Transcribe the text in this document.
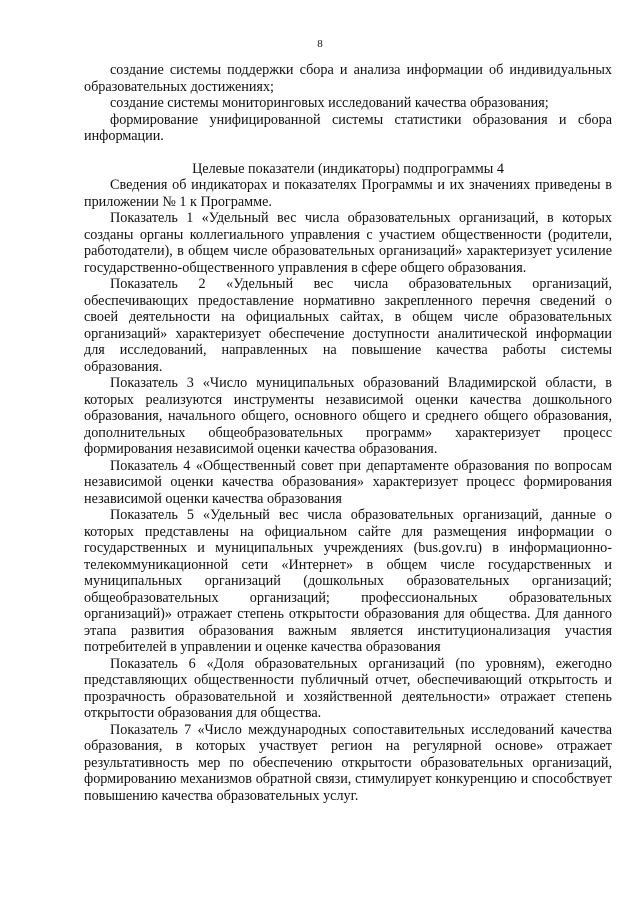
8

создание системы поддержки сбора и анализа информации об индивидуальных образовательных достижениях;

создание системы мониторинговых исследований качества образования;

формирование унифицированной системы статистики образования и сбора информации.

Целевые показатели (индикаторы) подпрограммы 4

Сведения об индикаторах и показателях Программы и их значениях приведены в приложении № 1 к Программе.

Показатель 1 «Удельный вес числа образовательных организаций, в которых созданы органы коллегиального управления с участием общественности (родители, работодатели), в общем числе образовательных организаций» характеризует усиление государственно-общественного управления в сфере общего образования.

Показатель 2 «Удельный вес числа образовательных организаций, обеспечивающих предоставление нормативно закрепленного перечня сведений о своей деятельности на официальных сайтах, в общем числе образовательных организаций» характеризует обеспечение доступности аналитической информации для исследований, направленных на повышение качества работы системы образования.

Показатель 3 «Число муниципальных образований Владимирской области, в которых реализуются инструменты независимой оценки качества дошкольного образования, начального общего, основного общего и среднего общего образования, дополнительных общеобразовательных программ» характеризует процесс формирования независимой оценки качества образования.

Показатель 4 «Общественный совет при департаменте образования по вопросам независимой оценки качества образования» характеризует процесс формирования независимой оценки качества образования

Показатель 5 «Удельный вес числа образовательных организаций, данные о которых представлены на официальном сайте для размещения информации о государственных и муниципальных учреждениях (bus.gov.ru) в информационно-телекоммуникационной сети «Интернет» в общем числе государственных и муниципальных организаций (дошкольных образовательных организаций; общеобразовательных организаций; профессиональных образовательных организаций)» отражает степень открытости образования для общества. Для данного этапа развития образования важным является институционализация участия потребителей в управлении и оценке качества образования

Показатель 6 «Доля образовательных организаций (по уровням), ежегодно представляющих общественности публичный отчет, обеспечивающий открытость и прозрачность образовательной и хозяйственной деятельности» отражает степень открытости образования для общества.

Показатель 7 «Число международных сопоставительных исследований качества образования, в которых участвует регион на регулярной основе» отражает результативность мер по обеспечению открытости образовательных организаций, формированию механизмов обратной связи, стимулирует конкуренцию и способствует повышению качества образовательных услуг.
